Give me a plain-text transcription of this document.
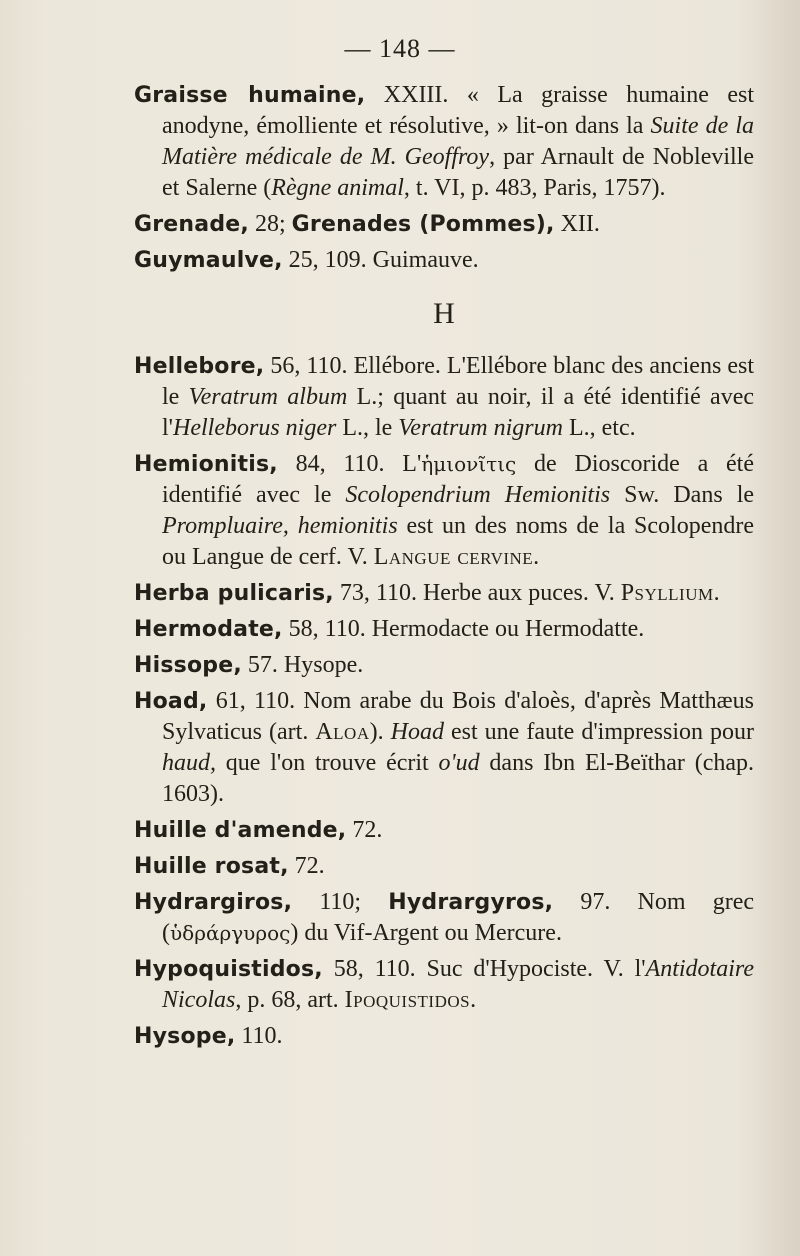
— 148 —

Graisse humaine, XXIII. « La graisse humaine est anodyne, émolliente et résolutive, » lit-on dans la Suite de la Matière médicale de M. Geoffroy, par Arnault de Nobleville et Salerne (Règne animal, t. VI, p. 483, Paris, 1757).

Grenade, 28; Grenades (Pommes), XII.

Guymaulve, 25, 109. Guimauve.

H

Hellebore, 56, 110. Ellébore. L'Ellébore blanc des anciens est le Veratrum album L.; quant au noir, il a été identifié avec l'Helleborus niger L., le Veratrum nigrum L., etc.

Hemionitis, 84, 110. L'ἡμιονῖτις de Dioscoride a été identifié avec le Scolopendrium Hemionitis Sw. Dans le Prompluaire, hemionitis est un des noms de la Scolopendre ou Langue de cerf. V. Langue cervine.

Herba pulicaris, 73, 110. Herbe aux puces. V. Psyllium.

Hermodate, 58, 110. Hermodacte ou Hermodatte.

Hissope, 57. Hysope.

Hoad, 61, 110. Nom arabe du Bois d'aloès, d'après Matthæus Sylvaticus (art. Aloa). Hoad est une faute d'impression pour haud, que l'on trouve écrit o'ud dans Ibn El-Beïthar (chap. 1603).

Huille d'amende, 72.

Huille rosat, 72.

Hydrargiros, 110; Hydrargyros, 97. Nom grec (ὑδράργυρος) du Vif-Argent ou Mercure.

Hypoquistidos, 58, 110. Suc d'Hypociste. V. l'Antidotaire Nicolas, p. 68, art. Ipoquistidos.

Hysope, 110.
